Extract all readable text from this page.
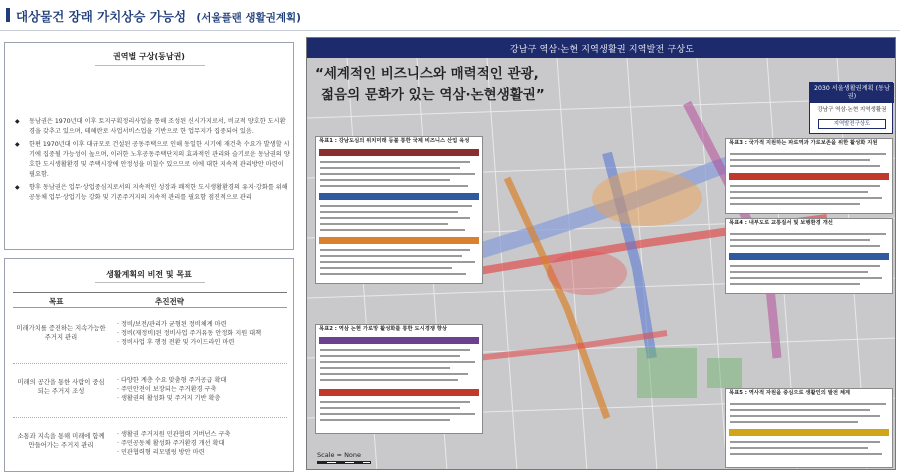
대상물건 장래 가치상승 가능성 (서울플랜 생활권계획)
권역별 구상(동남권)
◆ 동남권은 1970년대 이후 토지구획정리사업을 통해 조성된 신시가지로서, 비교적 양호한 도시환경을 갖추고 있으며, 테헤란로 사업서비스업을 기반으로 한 업무지가 집중되어 있음.
◆ 한편 1970년대 이후 대규모로 건설된 공동주택으로 인해 동일한 시기에 재건축 수요가 발생할 시기에 집중될 가능성이 높으며, 이러한 노후공동주택단지의 효과적인 관리와 슬기로운 동남권의 양호한 도시생활환경 및 주택시장에 안정성을 미칠수 있으므로 이에 대한 지속적 관리방안 마련이 필요함.
◆ 향후 동남권은 업무·상업중심지로서의 지속적인 성장과 쾌적한 도시생활환경의 유지·강화를 위해 공동체 업무·상업기능 강화 및 기존주거지의 지속적 관리를 필요함 점진적으로 관리
생활계획의 비전 및 목표
목표	추진전략
미래가치를 증진하는 지속가능한 주거지 관리
· 정비/보전/관리가 균형된 정비체계 마련
· 정비(재정비)된 정비사업 주거유동 안정화 지원 대책
· 정비사업 후 행정 전환 및 가이드라인 마련
미래의 공간을 통한 사람이 중심되는 주거지 조성
· 다양한 계층 수요 맞춤형 주거공급 확대
· 주민안전이 보장되는 주거환경 구축
· 생활권의 활성화 및 주거지 기반 확충
소통과 지속을 통해 미래에 함께 만들어가는 주거지 관리
· 생활권 주거지원 민관협력 거버넌스 구축
· 주민공동체 활성화 주거환경 개선 확대
· 민관협력형 리모델링 방안 마련
강남구 역삼·논현 지역생활권 지역발전 구상도
“세계적인 비즈니스와 매력적인 관광,
젊음의 문화가 있는 역삼·논현생활권”	2030 서울생활권계획 (동남권)
강남구 역삼·논현 지역생활권
지역발전구상도
목표1 : 강남도심의 위치미래 등불 통한 국제 비즈니스 산업 육성
목표2 : 역삼 논현 가로망 활성화를 통한 도시경쟁 향상
목표3 : 국가적 지원하는 파로역과 가로보존을 위한 활성화 지원
목표4 : 내부도로 교통질서 및 보행환경 개선
목표5 : 역사적 자원을 중심으로 생활인의 발전 체계
Scale ≈ None
